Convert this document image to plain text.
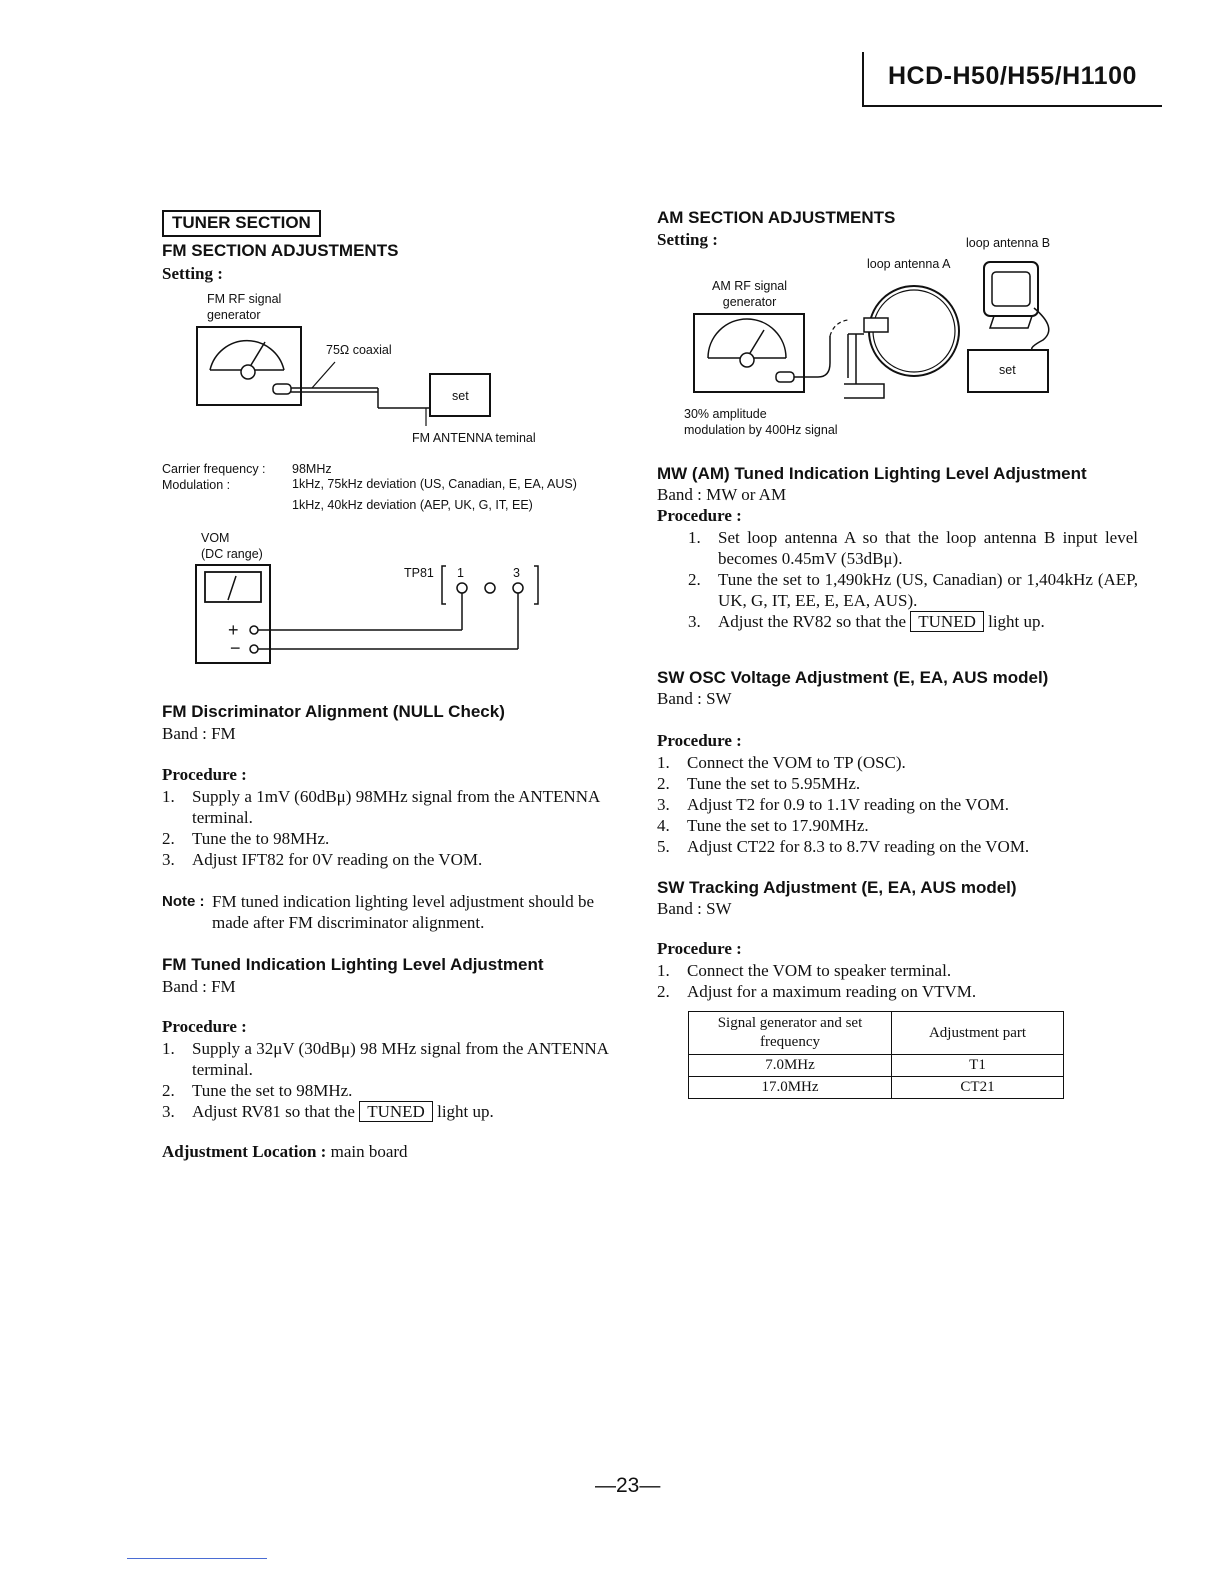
HCD-H50/H55/H1100
TUNER SECTION
FM SECTION ADJUSTMENTS
Setting :
FM RF signal
generator
75Ω coaxial
set
FM ANTENNA teminal
Carrier frequency : 98MHz
Modulation :	1kHz, 75kHz deviation (US, Canadian, E, EA, AUS)
1kHz, 40kHz deviation (AEP, UK, G, IT, EE)
VOM
(DC range)
TP81 1	3
+
−
FM Discriminator Alignment (NULL Check)
Band : FM
Procedure :
1. Supply a 1mV (60dBμ) 98MHz signal from the ANTENNA terminal.
2. Tune the to 98MHz.
3. Adjust IFT82 for 0V reading on the VOM.
Note : FM tuned indication lighting level adjustment should be made after FM discriminator alignment.
FM Tuned Indication Lighting Level Adjustment
Band : FM
Procedure :
1. Supply a 32μV (30dBμ) 98 MHz signal from the ANTENNA terminal.
2. Tune the set to 98MHz.
3. Adjust RV81 so that the TUNED light up.
Adjustment Location : main board
AM SECTION ADJUSTMENTS
Setting :	loop antenna B
loop antenna A
AM RF signal
generator
set
30% amplitude
modulation by 400Hz signal
MW (AM) Tuned Indication Lighting Level Adjustment
Band : MW or AM
Procedure :
1. Set loop antenna A so that the loop antenna B input level becomes 0.45mV (53dBμ).
2. Tune the set to 1,490kHz (US, Canadian) or 1,404kHz (AEP, UK, G, IT, EE, E, EA, AUS).
3. Adjust the RV82 so that the TUNED light up.
SW OSC Voltage Adjustment (E, EA, AUS model)
Band : SW
Procedure :
1. Connect the VOM to TP (OSC).
2. Tune the set to 5.95MHz.
3. Adjust T2 for 0.9 to 1.1V reading on the VOM.
4. Tune the set to 17.90MHz.
5. Adjust CT22 for 8.3 to 8.7V reading on the VOM.
SW Tracking Adjustment (E, EA, AUS model)
Band : SW
Procedure :
1. Connect the VOM to speaker terminal.
2. Adjust for a maximum reading on VTVM.
Signal generator and set frequency	Adjustment part
7.0MHz	T1
17.0MHz	CT21
—23—
